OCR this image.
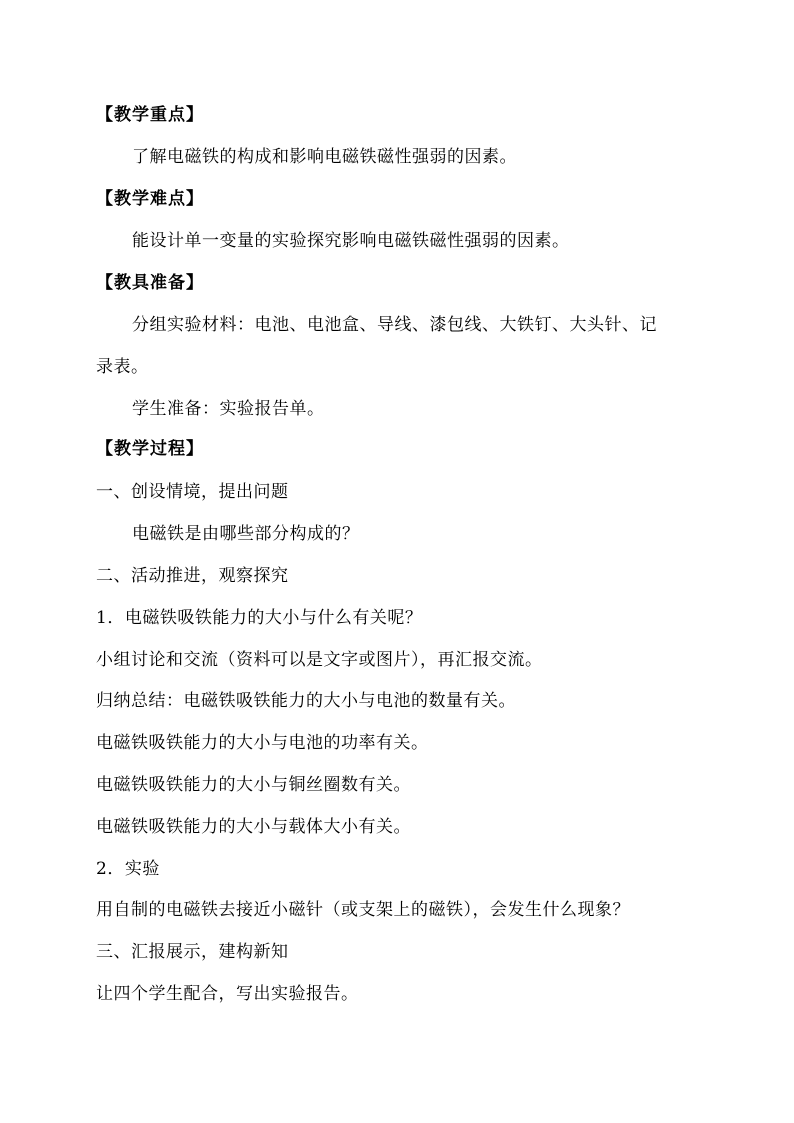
【教学重点】
了解电磁铁的构成和影响电磁铁磁性强弱的因素。
【教学难点】
能设计单一变量的实验探究影响电磁铁磁性强弱的因素。
【教具准备】
分组实验材料：电池、电池盒、导线、漆包线、大铁钉、大头针、记
录表。
学生准备：实验报告单。
【教学过程】
一、创设情境，提出问题
电磁铁是由哪些部分构成的？
二、活动推进，观察探究
1．电磁铁吸铁能力的大小与什么有关呢？
小组讨论和交流（资料可以是文字或图片），再汇报交流。
归纳总结：电磁铁吸铁能力的大小与电池的数量有关。
电磁铁吸铁能力的大小与电池的功率有关。
电磁铁吸铁能力的大小与铜丝圈数有关。
电磁铁吸铁能力的大小与载体大小有关。
2．实验
用自制的电磁铁去接近小磁针（或支架上的磁铁），会发生什么现象？
三、汇报展示，建构新知
让四个学生配合，写出实验报告。
